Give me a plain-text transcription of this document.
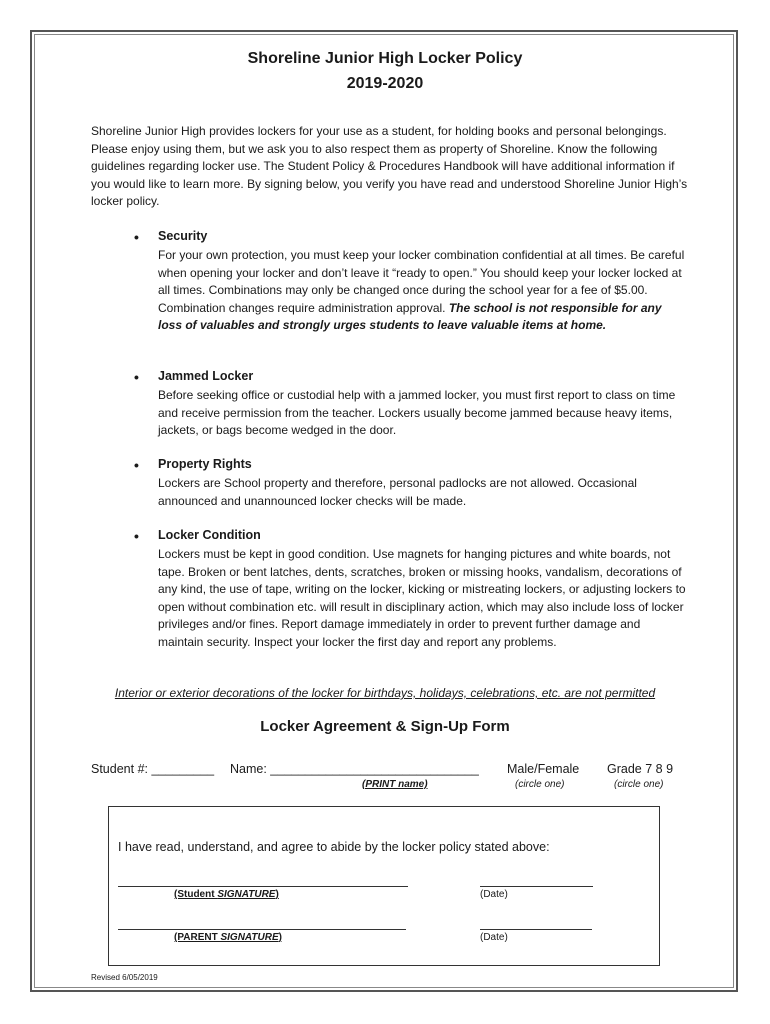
Shoreline Junior High Locker Policy
2019-2020
Shoreline Junior High provides lockers for your use as a student, for holding books and personal belongings. Please enjoy using them, but we ask you to also respect them as property of Shoreline. Know the following guidelines regarding locker use. The Student Policy & Procedures Handbook will have additional information if you would like to learn more. By signing below, you verify you have read and understood Shoreline Junior High’s locker policy.
• Security
For your own protection, you must keep your locker combination confidential at all times. Be careful when opening your locker and don’t leave it “ready to open.” You should keep your locker locked at all times. Combinations may only be changed once during the school year for a fee of $5.00. Combination changes require administration approval. The school is not responsible for any loss of valuables and strongly urges students to leave valuable items at home.
• Jammed Locker
Before seeking office or custodial help with a jammed locker, you must first report to class on time and receive permission from the teacher. Lockers usually become jammed because heavy items, jackets, or bags become wedged in the door.
• Property Rights
Lockers are School property and therefore, personal padlocks are not allowed. Occasional announced and unannounced locker checks will be made.
• Locker Condition
Lockers must be kept in good condition. Use magnets for hanging pictures and white boards, not tape. Broken or bent latches, dents, scratches, broken or missing hooks, vandalism, decorations of any kind, the use of tape, writing on the locker, kicking or mistreating lockers, or adjusting lockers to open without combination etc. will result in disciplinary action, which may also include loss of locker privileges and/or fines. Report damage immediately in order to prevent further damage and maintain security. Inspect your locker the first day and report any problems.
Interior or exterior decorations of the locker for birthdays, holidays, celebrations, etc. are not permitted
Locker Agreement & Sign-Up Form
Student #: _________ Name: ______________________________
(PRINT name)
Male/Female
(circle one)
Grade 7 8 9
(circle one)
I have read, understand, and agree to abide by the locker policy stated above:
(Student SIGNATURE)	(Date)
(PARENT SIGNATURE)	(Date)
Revised 6/05/2019
